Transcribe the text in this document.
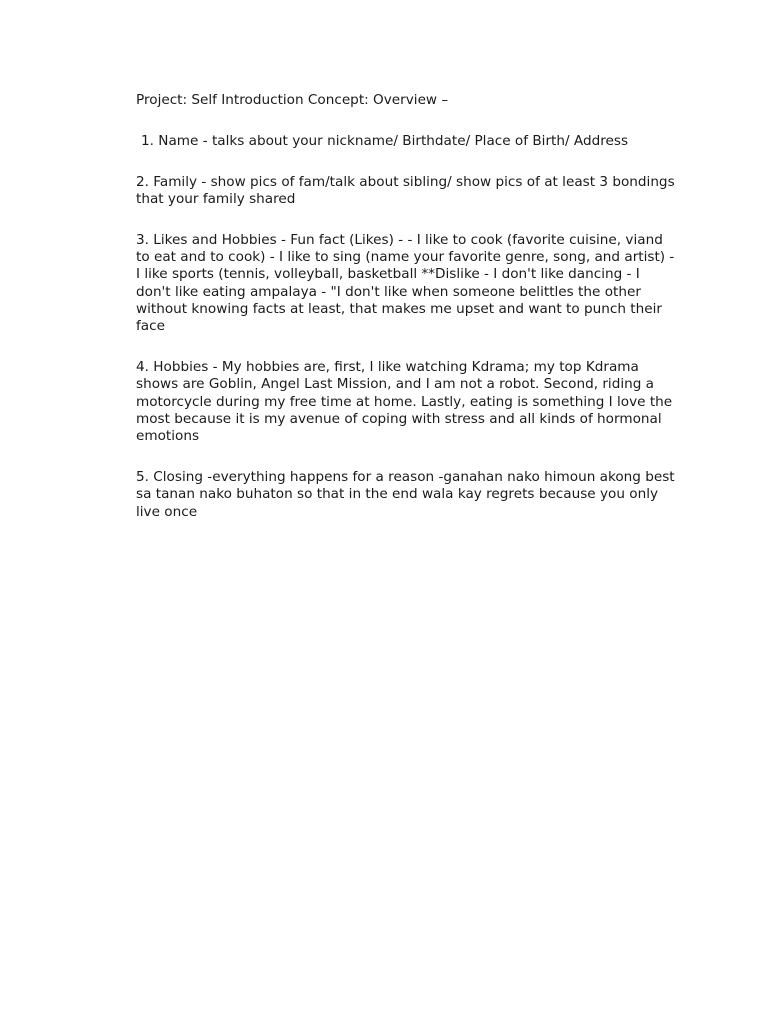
Project: Self Introduction Concept: Overview –

1. Name - talks about your nickname/ Birthdate/ Place of Birth/ Address

2. Family - show pics of fam/talk about sibling/ show pics of at least 3 bondings that your family shared

3. Likes and Hobbies - Fun fact (Likes) - - I like to cook (favorite cuisine, viand to eat and to cook) - I like to sing (name your favorite genre, song, and artist) - I like sports (tennis, volleyball, basketball **Dislike - I don't like dancing - I don't like eating ampalaya - "I don't like when someone belittles the other without knowing facts at least, that makes me upset and want to punch their face

4. Hobbies - My hobbies are, first, I like watching Kdrama; my top Kdrama shows are Goblin, Angel Last Mission, and I am not a robot. Second, riding a motorcycle during my free time at home. Lastly, eating is something I love the most because it is my avenue of coping with stress and all kinds of hormonal emotions

5. Closing -everything happens for a reason -ganahan nako himoun akong best sa tanan nako buhaton so that in the end wala kay regrets because you only live once
